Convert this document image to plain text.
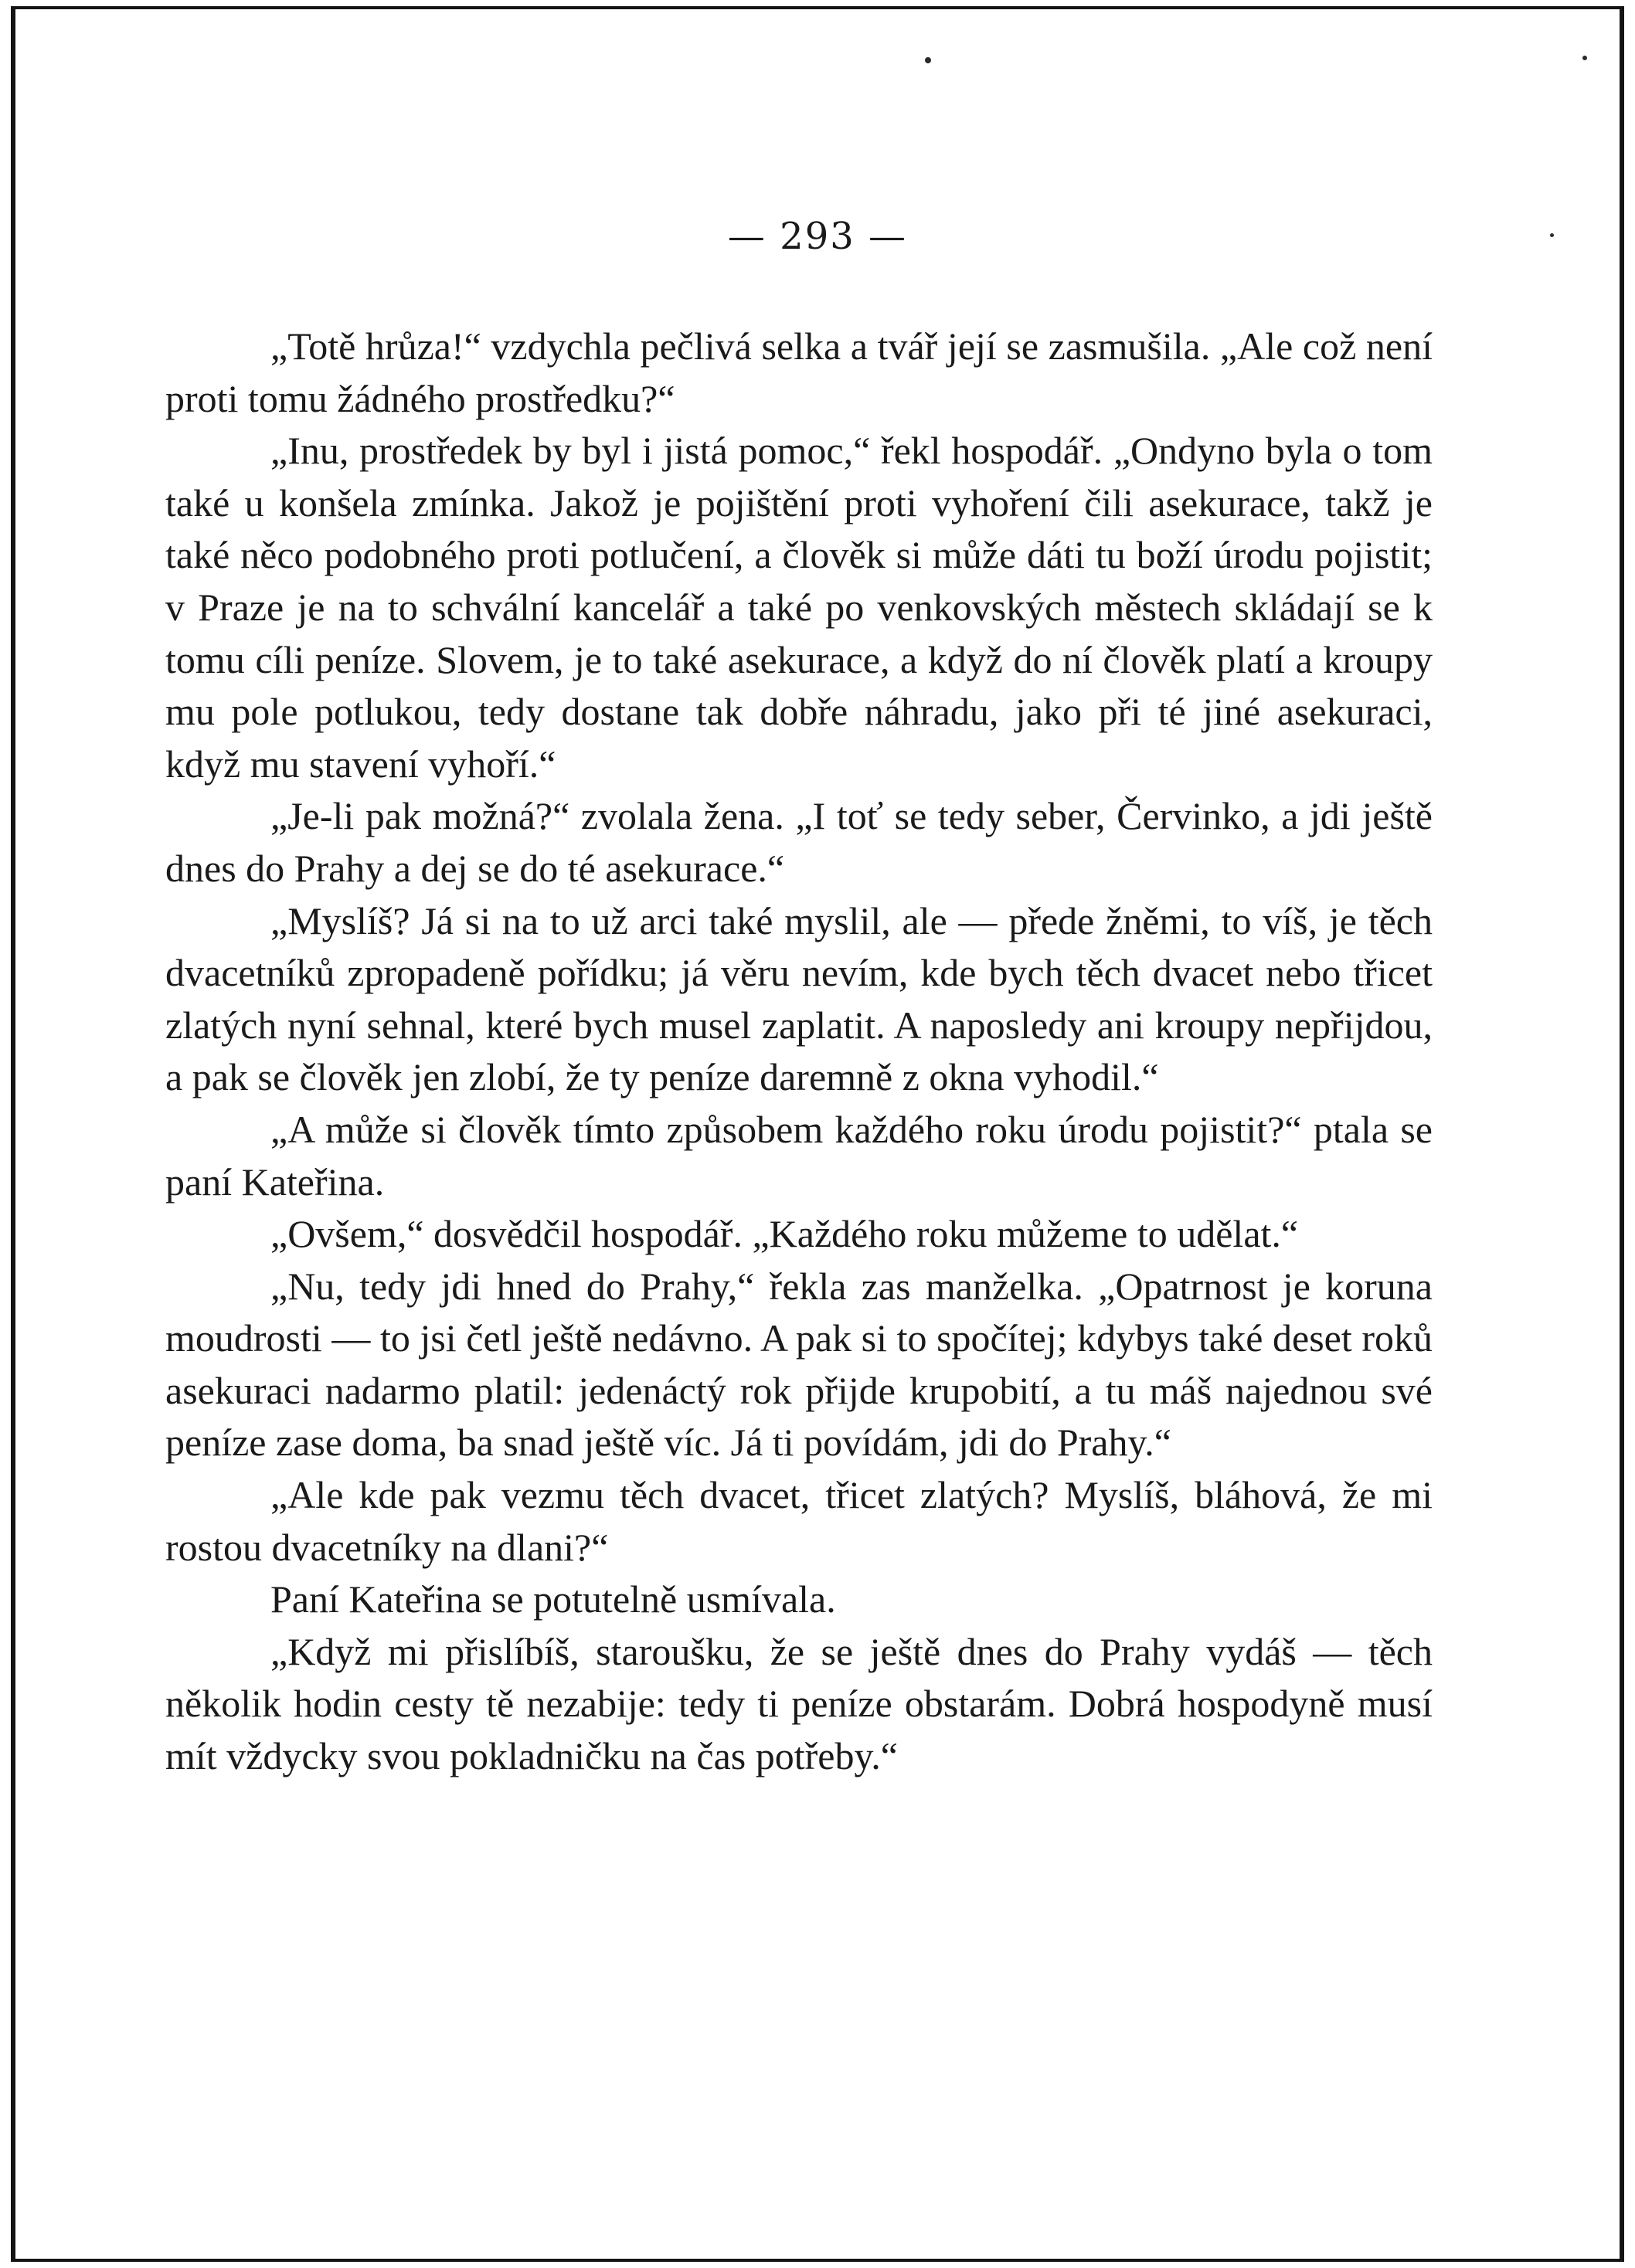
— 293 —

„Totě hrůza!“ vzdychla pečlivá selka a tvář její se zasmušila. „Ale což není proti tomu žádného prostředku?“

„Inu, prostředek by byl i jistá pomoc,“ řekl hospodář. „Ondyno byla o tom také u konšela zmínka. Jakož je pojištění proti vyhoření čili asekurace, takž je také něco podobného proti potlučení, a člověk si může dáti tu boží úrodu pojistit; v Praze je na to schvální kancelář a také po venkovských městech skládají se k tomu cíli peníze. Slovem, je to také asekurace, a když do ní člověk platí a kroupy mu pole potlukou, tedy dostane tak dobře náhradu, jako při té jiné asekuraci, když mu stavení vyhoří.“

„Je-li pak možná?“ zvolala žena. „I toť se tedy seber, Červinko, a jdi ještě dnes do Prahy a dej se do té asekurace.“

„Myslíš? Já si na to už arci také myslil, ale — přede žněmi, to víš, je těch dvacetníků zpropadeně pořídku; já věru nevím, kde bych těch dvacet nebo třicet zlatých nyní sehnal, které bych musel zaplatit. A naposledy ani kroupy nepřijdou, a pak se člověk jen zlobí, že ty peníze daremně z okna vyhodil.“

„A může si člověk tímto způsobem každého roku úrodu pojistit?“ ptala se paní Kateřina.

„Ovšem,“ dosvědčil hospodář. „Každého roku můžeme to udělat.“

„Nu, tedy jdi hned do Prahy,“ řekla zas manželka. „Opatrnost je koruna moudrosti — to jsi četl ještě nedávno. A pak si to spočítej; kdybys také deset roků asekuraci nadarmo platil: jedenáctý rok přijde krupobití, a tu máš najednou své peníze zase doma, ba snad ještě víc. Já ti povídám, jdi do Prahy.“

„Ale kde pak vezmu těch dvacet, třicet zlatých? Myslíš, bláhová, že mi rostou dvacetníky na dlani?“

Paní Kateřina se potutelně usmívala.

„Když mi přislíbíš, staroušku, že se ještě dnes do Prahy vydáš — těch několik hodin cesty tě nezabije: tedy ti peníze obstarám. Dobrá hospodyně musí mít vždycky svou pokladničku na čas potřeby.“
